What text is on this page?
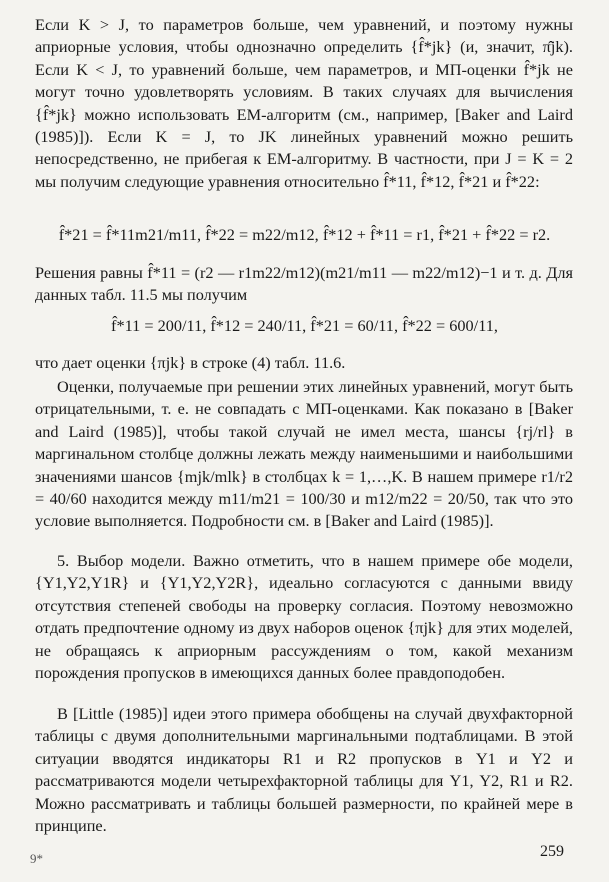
Если K > J, то параметров больше, чем уравнений, и поэтому нужны априорные условия, чтобы однозначно определить {f̂*jk} (и, значит, π̂jk). Если K < J, то уравнений больше, чем параметров, и МП-оценки f̂*jk не могут точно удовлетворять условиям. В таких случаях для вычисления {f̂*jk} можно использовать ЕМ-алгоритм (см., например, [Baker and Laird (1985)]). Если K = J, то JK линейных уравнений можно решить непосредственно, не прибегая к ЕМ-алгоритму. В частности, при J = K = 2 мы получим следующие уравнения относительно f̂*11, f̂*12, f̂*21 и f̂*22:

f̂*21 = f̂*11m21/m11, f̂*22 = m22/m12, f̂*12 + f̂*11 = r1, f̂*21 + f̂*22 = r2.

Решения равны f̂*11 = (r2 — r1m22/m12)(m21/m11 — m22/m12)−1 и т. д. Для данных табл. 11.5 мы получим

f̂*11 = 200/11, f̂*12 = 240/11, f̂*21 = 60/11, f̂*22 = 600/11,

что дает оценки {πjk} в строке (4) табл. 11.6.

Оценки, получаемые при решении этих линейных уравнений, могут быть отрицательными, т. е. не совпадать с МП-оценками. Как показано в [Baker and Laird (1985)], чтобы такой случай не имел места, шансы {rj/rl} в маргинальном столбце должны лежать между наименьшими и наибольшими значениями шансов {mjk/mlk} в столбцах k = 1,…,K. В нашем примере r1/r2 = 40/60 находится между m11/m21 = 100/30 и m12/m22 = 20/50, так что это условие выполняется. Подробности см. в [Baker and Laird (1985)].

5. Выбор модели. Важно отметить, что в нашем примере обе модели, {Y1,Y2,Y1R} и {Y1,Y2,Y2R}, идеально согласуются с данными ввиду отсутствия степеней свободы на проверку согласия. Поэтому невозможно отдать предпочтение одному из двух наборов оценок {πjk} для этих моделей, не обращаясь к априорным рассуждениям о том, какой механизм порождения пропусков в имеющихся данных более правдоподобен.

В [Little (1985)] идеи этого примера обобщены на случай двухфакторной таблицы с двумя дополнительными маргинальными подтаблицами. В этой ситуации вводятся индикаторы R1 и R2 пропусков в Y1 и Y2 и рассматриваются модели четырехфакторной таблицы для Y1, Y2, R1 и R2. Можно рассматривать и таблицы большей размерности, по крайней мере в принципе.

9*	259
